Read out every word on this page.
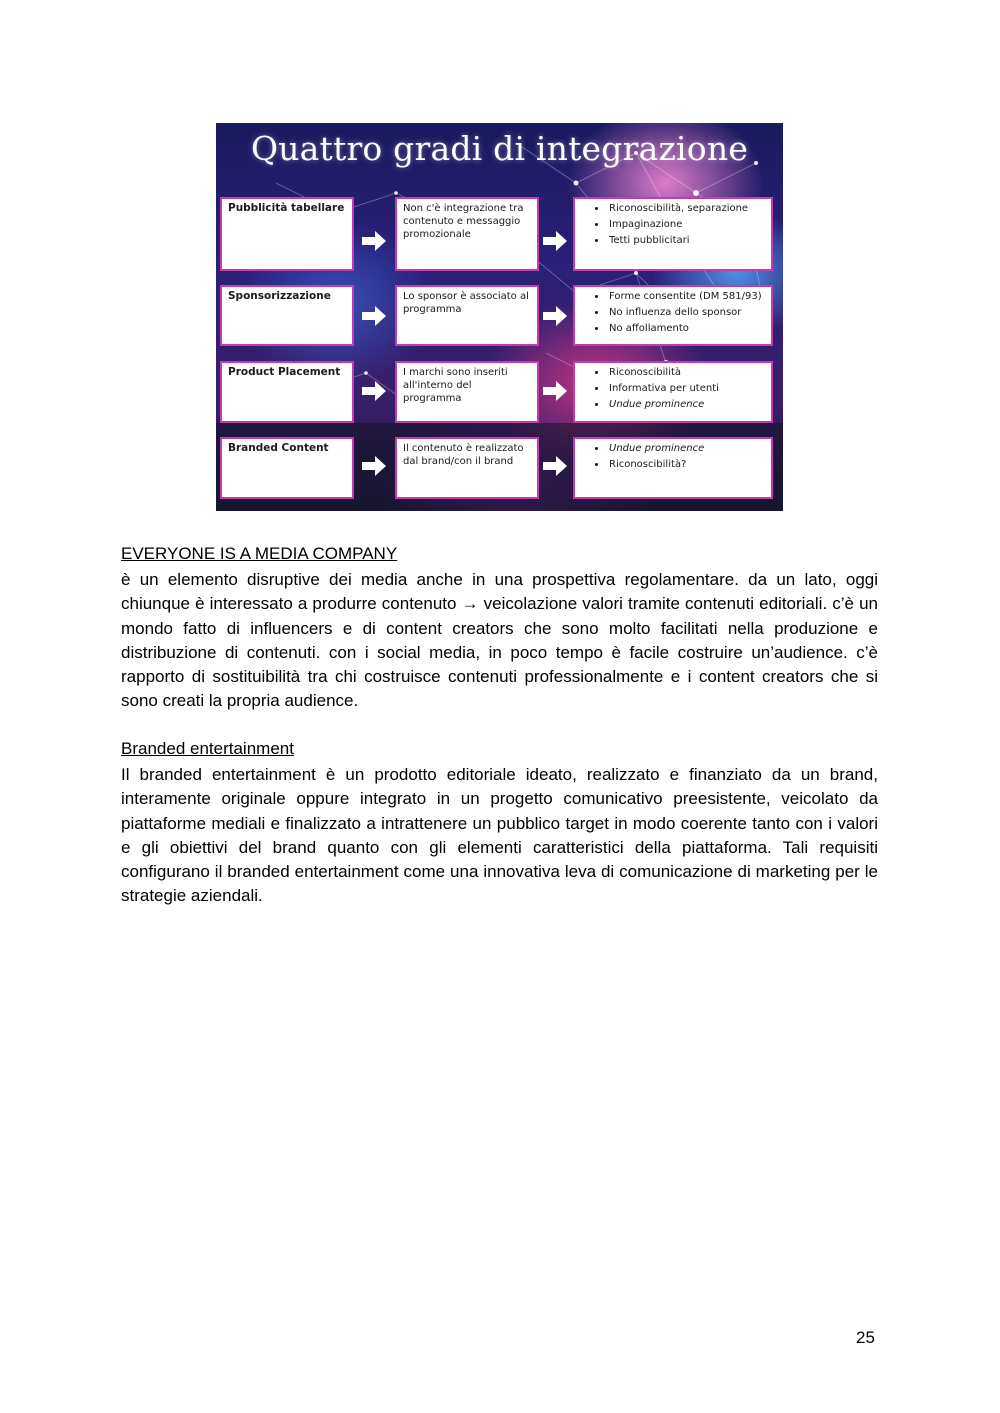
Quattro gradi di integrazione
Pubblicità tabellare	Non c'è integrazione tra contenuto e messaggio promozionale
• Riconoscibilità, separazione
• Impaginazione
• Tetti pubblicitari
Sponsorizzazione	Lo sponsor è associato al programma
• Forme consentite (DM 581/93)
• No influenza dello sponsor
• No affollamento
Product Placement	I marchi sono inseriti all'interno del programma
• Riconoscibilità
• Informativa per utenti
• Undue prominence
Branded Content	Il contenuto è realizzato dal brand/con il brand
• Undue prominence
• Riconoscibilità?
EVERYONE IS A MEDIA COMPANY

è un elemento disruptive dei media anche in una prospettiva regolamentare. da un lato, oggi chiunque è interessato a produrre contenuto → veicolazione valori tramite contenuti editoriali. c’è un mondo fatto di influencers e di content creators che sono molto facilitati nella produzione e distribuzione di contenuti. con i social media, in poco tempo è facile costruire un’audience. c’è rapporto di sostituibilità tra chi costruisce contenuti professionalmente e i content creators che si sono creati la propria audience.

Branded entertainment

Il branded entertainment è un prodotto editoriale ideato, realizzato e finanziato da un brand, interamente originale oppure integrato in un progetto comunicativo preesistente, veicolato da piattaforme mediali e finalizzato a intrattenere un pubblico target in modo coerente tanto con i valori e gli obiettivi del brand quanto con gli elementi caratteristici della piattaforma. Tali requisiti configurano il branded entertainment come una innovativa leva di comunicazione di marketing per le strategie aziendali.

25
